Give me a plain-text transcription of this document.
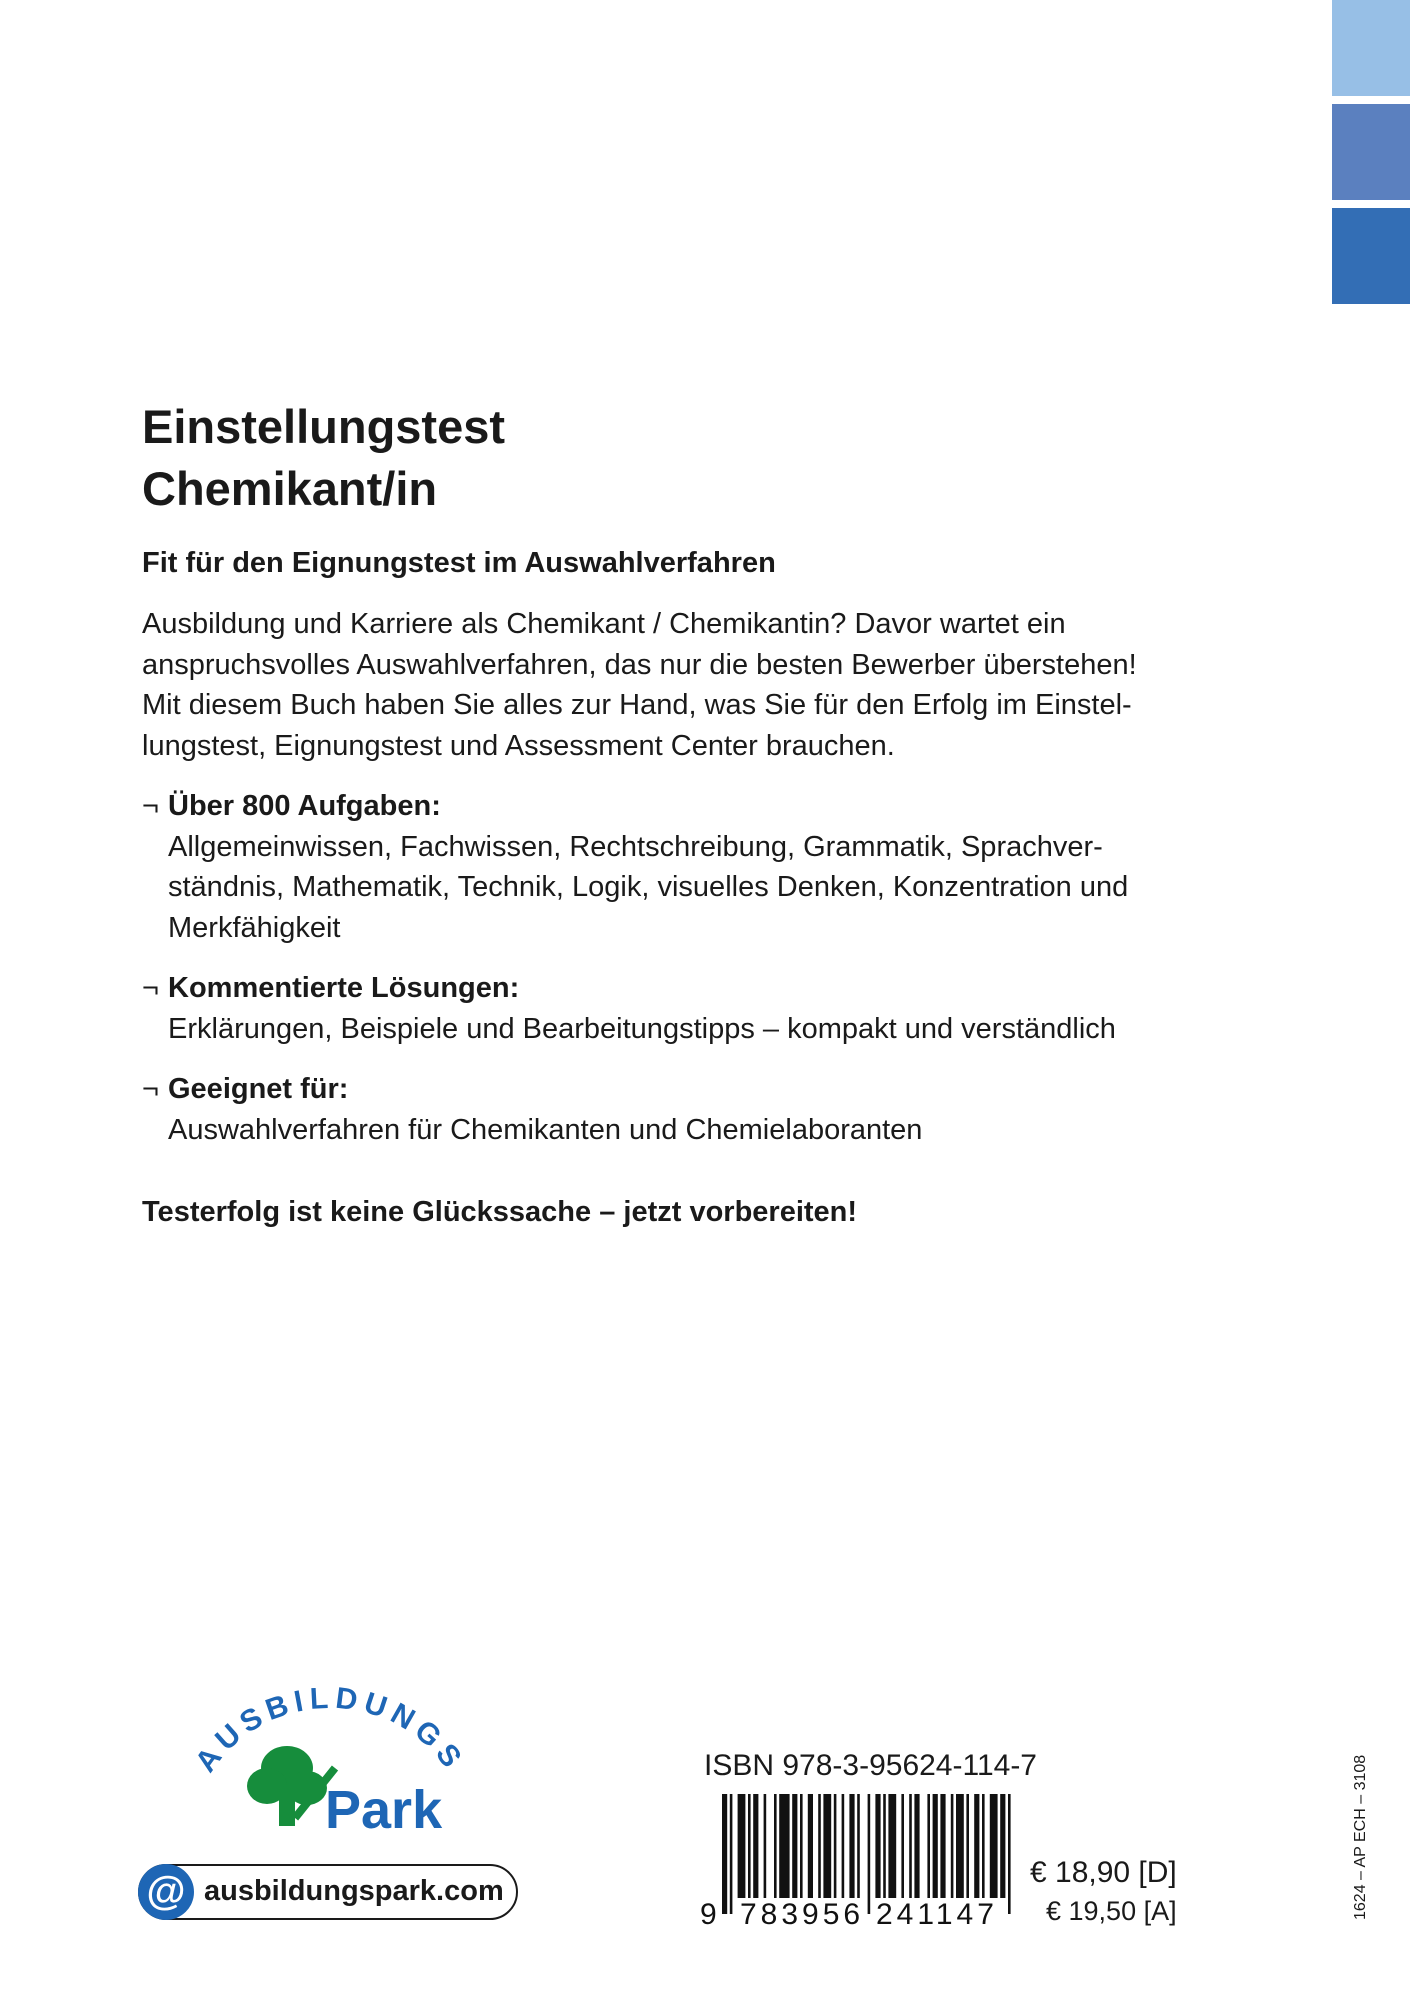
Einstellungstest
Chemikant/in
Fit für den Eignungstest im Auswahlverfahren
Ausbildung und Karriere als Chemikant / Chemikantin? Davor wartet ein
anspruchsvolles Auswahlverfahren, das nur die besten Bewerber überstehen!
Mit diesem Buch haben Sie alles zur Hand, was Sie für den Erfolg im Einstel-
lungstest, Eignungstest und Assessment Center brauchen.
¬ Über 800 Aufgaben:
Allgemeinwissen, Fachwissen, Rechtschreibung, Grammatik, Sprachver-
ständnis, Mathematik, Technik, Logik, visuelles Denken, Konzentration und
Merkfähigkeit
¬ Kommentierte Lösungen:
Erklärungen, Beispiele und Bearbeitungstipps – kompakt und verständlich
¬ Geeignet für:
Auswahlverfahren für Chemikanten und Chemielaboranten
Testerfolg ist keine Glückssache – jetzt vorbereiten!
AUSBILDUNGS
Park
@ ausbildungspark.com
ISBN 978-3-95624-114-7
9 783956 241147
€ 18,90 [D]
€ 19,50 [A]	1624 – AP ECH – 3108
